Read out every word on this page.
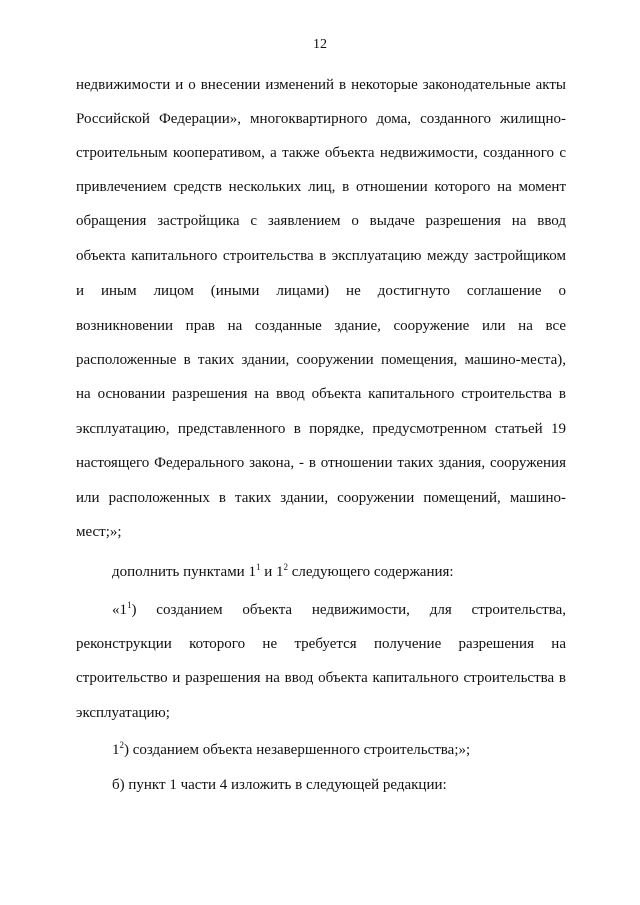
12
недвижимости и о внесении изменений в некоторые законодательные акты
Российской Федерации», многоквартирного дома, созданного жилищно-
строительным кооперативом, а также объекта недвижимости, созданного с
привлечением средств нескольких лиц, в отношении которого на момент
обращения застройщика с заявлением о выдаче разрешения на ввод
объекта капитального строительства в эксплуатацию между застройщиком
и иным лицом (иными лицами) не достигнуто соглашение о
возникновении прав на созданные здание, сооружение или на все
расположенные в таких здании, сооружении помещения, машино-места),
на основании разрешения на ввод объекта капитального строительства в
эксплуатацию, представленного в порядке, предусмотренном статьей 19
настоящего Федерального закона, - в отношении таких здания, сооружения
или расположенных в таких здании, сооружении помещений, машино-
мест;»;
дополнить пунктами $1^1$ и $1^2$ следующего содержания:
«$1^1$) созданием объекта недвижимости, для строительства,
реконструкции которого не требуется получение разрешения на
строительство и разрешения на ввод объекта капитального строительства в
эксплуатацию;
$1^2$) созданием объекта незавершенного строительства;»;
б) пункт 1 части 4 изложить в следующей редакции:
